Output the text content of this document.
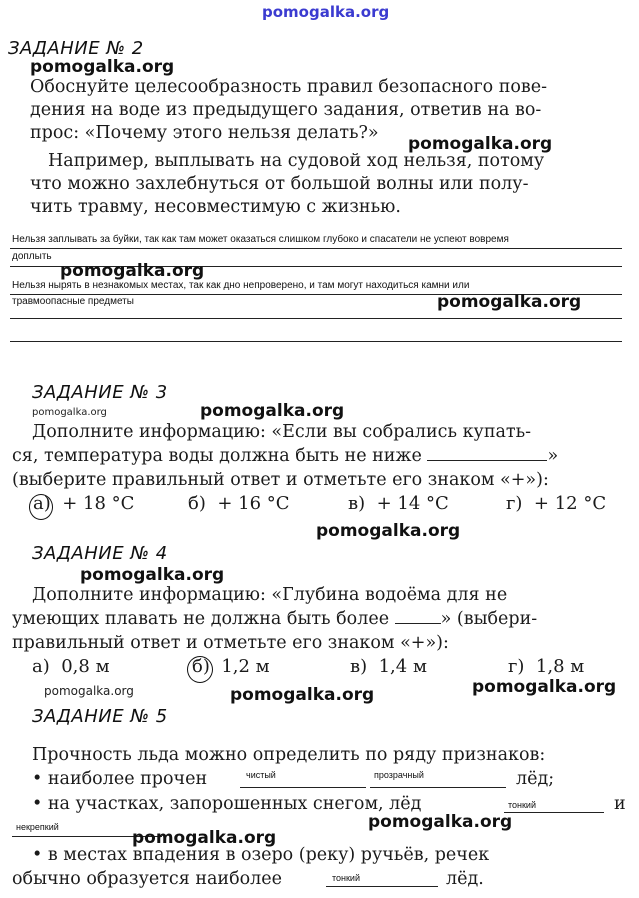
pomogalka.org
ЗАДАНИЕ № 2
pomogalka.org
Обоснуйте целесообразность правил безопасного пове-
дения на воде из предыдущего задания, ответив на во-
прос: «Почему этого нельзя делать?»
pomogalka.org
Например, выплывать на судовой ход нельзя, потому
что можно захлебнуться от большой волны или полу-
чить травму, несовместимую с жизнью.
Нельзя заплывать за буйки, так как там может оказаться слишком глубоко и спасатели не успеют вовремя
доплыть
pomogalka.org
Нельзя нырять в незнакомых местах, так как дно непроверено, и там могут находиться камни или
травмоопасные предметы	pomogalka.org
ЗАДАНИЕ № 3
pomogalka.org	pomogalka.org
Дополните информацию: «Если вы собрались купать-
ся, температура воды должна быть не ниже	»
(выберите правильный ответ и отметьте его знаком «+»):
а) + 18 °C	б) + 16 °C	в) + 14 °C	г) + 12 °C
pomogalka.org
ЗАДАНИЕ № 4
pomogalka.org
Дополните информацию: «Глубина водоёма для не
умеющих плавать не должна быть более	» (выбери-
правильный ответ и отметьте его знаком «+»):
а) 0,8 м	б) 1,2 м	в) 1,4 м	г) 1,8 м
pomogalka.org	pomogalka.org	pomogalka.org
ЗАДАНИЕ № 5
Прочность льда можно определить по ряду признаков:
• наиболее прочен	чистый	прозрачный	лёд;
• на участках, запорошенных снегом, лёд	тонкий	и
некрепкий	pomogalka.org
pomogalka.org
• в местах впадения в озеро (реку) ручьёв, речек
обычно образуется наиболее	тонкий	лёд.
